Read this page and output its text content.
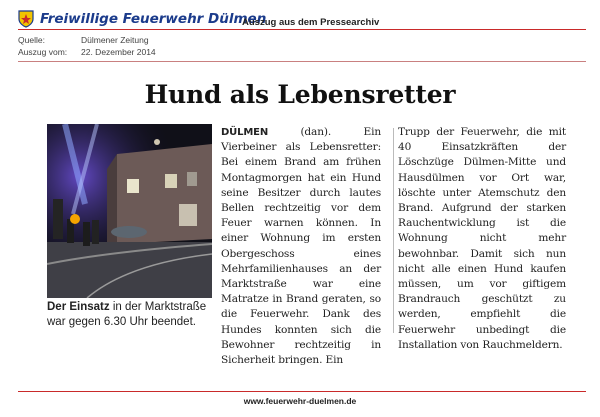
Freiwillige Feuerwehr Dülmen
Auszug aus dem Pressearchiv
Quelle:	Dülmener Zeitung
Auszug vom: 22. Dezember 2014
Hund als Lebensretter
Der Einsatz in der Marktstraße war gegen 6.30 Uhr beendet.
DÜLMEN (dan). Ein Vierbeiner als Lebensretter: Bei einem Brand am frühen Montagmorgen hat ein Hund seine Besitzer durch lautes Bellen rechtzeitig vor dem Feuer warnen können. In einer Wohnung im ersten Obergeschoss eines Mehrfamilienhauses an der Marktstraße war eine Matratze in Brand geraten, so die Feuerwehr. Dank des Hundes konnten sich die Bewohner rechtzeitig in Sicherheit bringen. Ein
Trupp der Feuerwehr, die mit 40 Einsatzkräften der Löschzüge Dülmen-Mitte und Hausdülmen vor Ort war, löschte unter Atemschutz den Brand. Aufgrund der starken Rauchentwicklung ist die Wohnung nicht mehr bewohnbar. Damit sich nun nicht alle einen Hund kaufen müssen, um vor giftigem Brandrauch geschützt zu werden, empfiehlt die Feuerwehr unbedingt die Installation von Rauchmeldern.
www.feuerwehr-duelmen.de
